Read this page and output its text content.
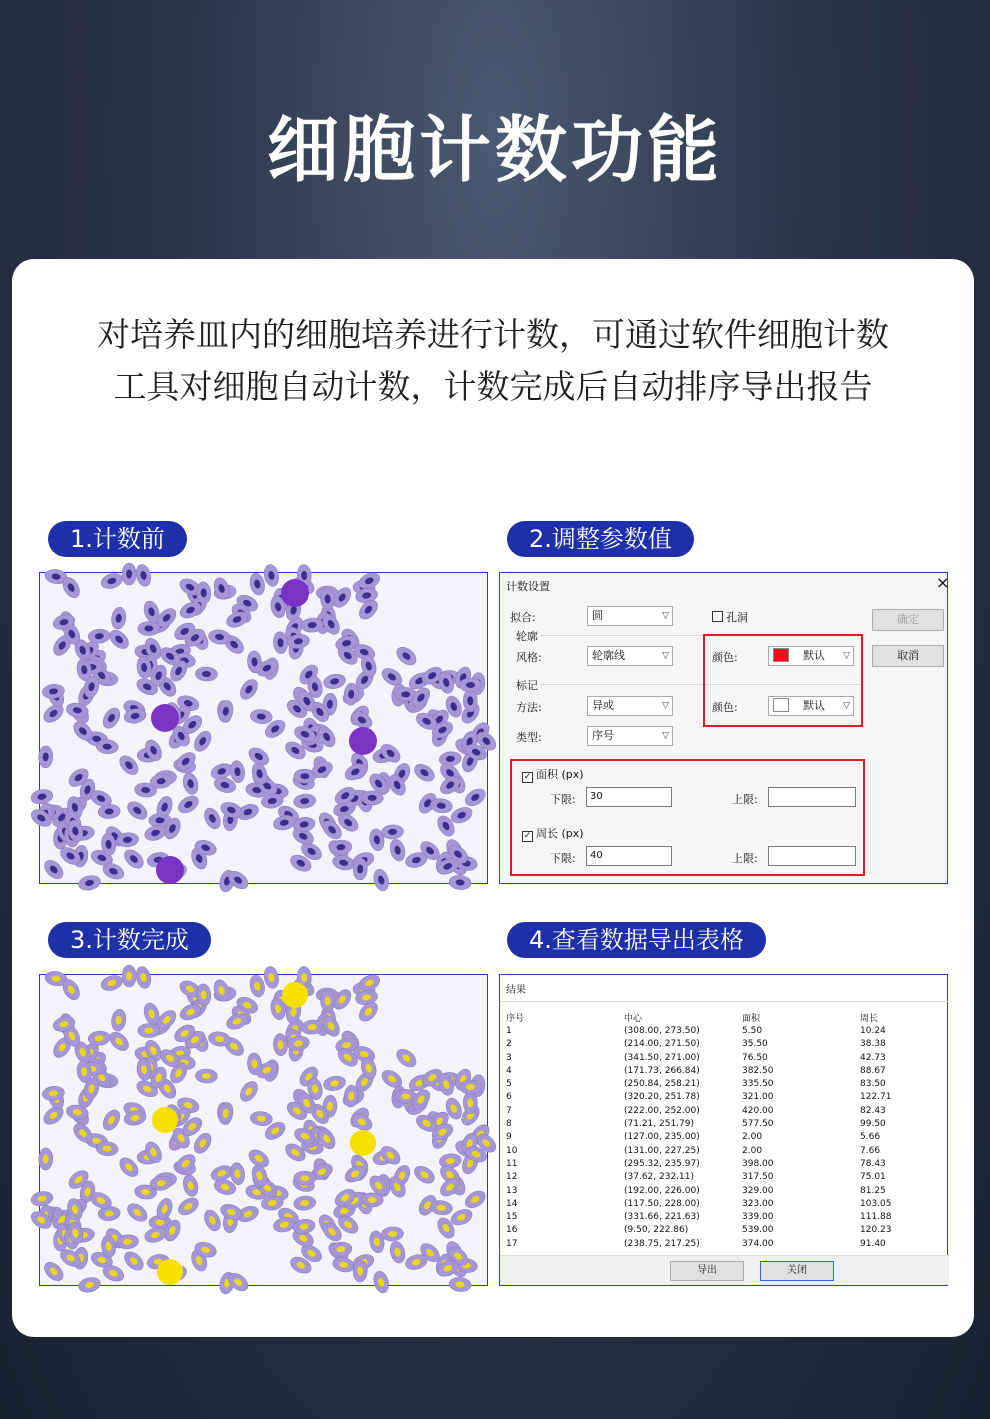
细胞计数功能
对培养皿内的细胞培养进行计数，可通过软件细胞计数
工具对细胞自动计数，计数完成后自动排序导出报告
1.计数前	2.调整参数值
3.计数完成	4.查看数据导出表格
计数设置	×
拟合:	圆	▽	孔洞	确定
取消
轮廓
风格:	轮廓线	▽	颜色:	默认 ▽
标记
方法:	异或	▽	颜色:	默认 ▽
类型:	序号	▽
✓ 面积 (px)
下限:	30	上限:
✓ 周长 (px)
下限:	40	上限:
结果
序号	中心	面积	周长
1	(308.00, 273.50)	5.50	10.24
2	(214.00, 271.50)	35.50	38.38
3	(341.50, 271.00)	76.50	42.73
4	(171.73, 266.84)	382.50	88.67
5	(250.84, 258.21)	335.50	83.50
6	(320.20, 251.78)	321.00	122.71
7	(222.00, 252.00)	420.00	82.43
8	(71.21, 251.79)	577.50	99.50
9	(127.00, 235.00)	2.00	5.66
10	(131.00, 227.25)	2.00	7.66
11	(295.32, 235.97)	398.00	78.43
12	(37.62, 232.11)	317.50	75.01
13	(192.00, 226.00)	329.00	81.25
14	(117.50, 228.00)	323.00	103.05
15	(331.66, 221.63)	339.00	111.88
16	(9.50, 222.86)	539.00	120.23
17	(238.75, 217.25)	374.00	91.40
导出	关闭
